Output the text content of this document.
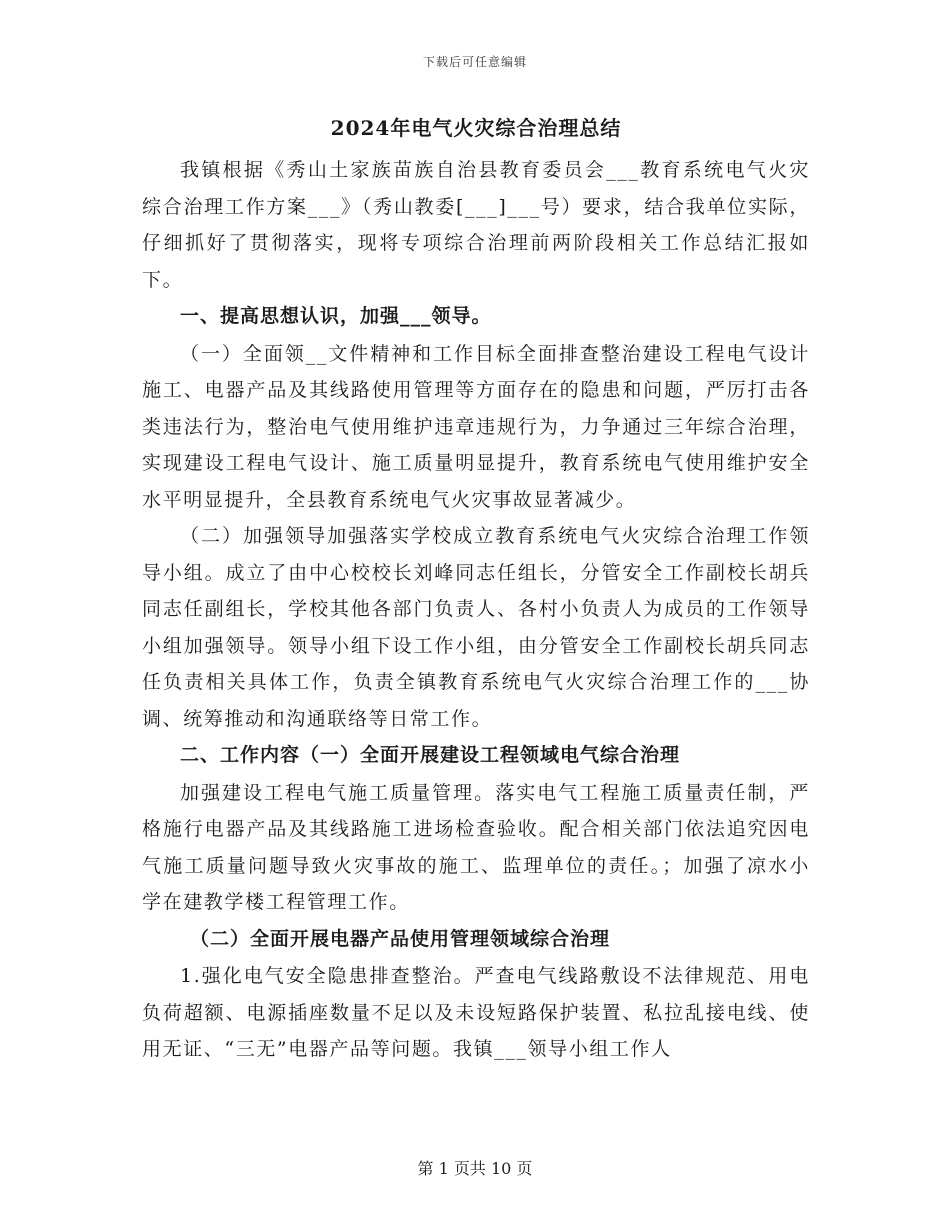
下载后可任意编辑
2024年电气火灾综合治理总结

我镇根据《秀山土家族苗族自治县教育委员会___教育系统电气火灾综合治理工作方案___》（秀山教委[___]___号）要求，结合我单位实际，仔细抓好了贯彻落实，现将专项综合治理前两阶段相关工作总结汇报如下。

一、提高思想认识，加强___领导。

（一）全面领__文件精神和工作目标全面排查整治建设工程电气设计施工、电器产品及其线路使用管理等方面存在的隐患和问题，严厉打击各类违法行为，整治电气使用维护违章违规行为，力争通过三年综合治理，实现建设工程电气设计、施工质量明显提升，教育系统电气使用维护安全水平明显提升，全县教育系统电气火灾事故显著减少。

（二）加强领导加强落实学校成立教育系统电气火灾综合治理工作领导小组。成立了由中心校校长刘峰同志任组长，分管安全工作副校长胡兵同志任副组长，学校其他各部门负责人、各村小负责人为成员的工作领导小组加强领导。领导小组下设工作小组，由分管安全工作副校长胡兵同志任负责相关具体工作，负责全镇教育系统电气火灾综合治理工作的___协调、统筹推动和沟通联络等日常工作。

二、工作内容（一）全面开展建设工程领域电气综合治理

加强建设工程电气施工质量管理。落实电气工程施工质量责任制，严格施行电器产品及其线路施工进场检查验收。配合相关部门依法追究因电气施工质量问题导致火灾事故的施工、监理单位的责任。；加强了凉水小学在建教学楼工程管理工作。

（二）全面开展电器产品使用管理领域综合治理

1.强化电气安全隐患排查整治。严查电气线路敷设不法律规范、用电负荷超额、电源插座数量不足以及未设短路保护装置、私拉乱接电线、使用无证、“三无”电器产品等问题。我镇___领导小组工作人

第 1 页共 10 页
